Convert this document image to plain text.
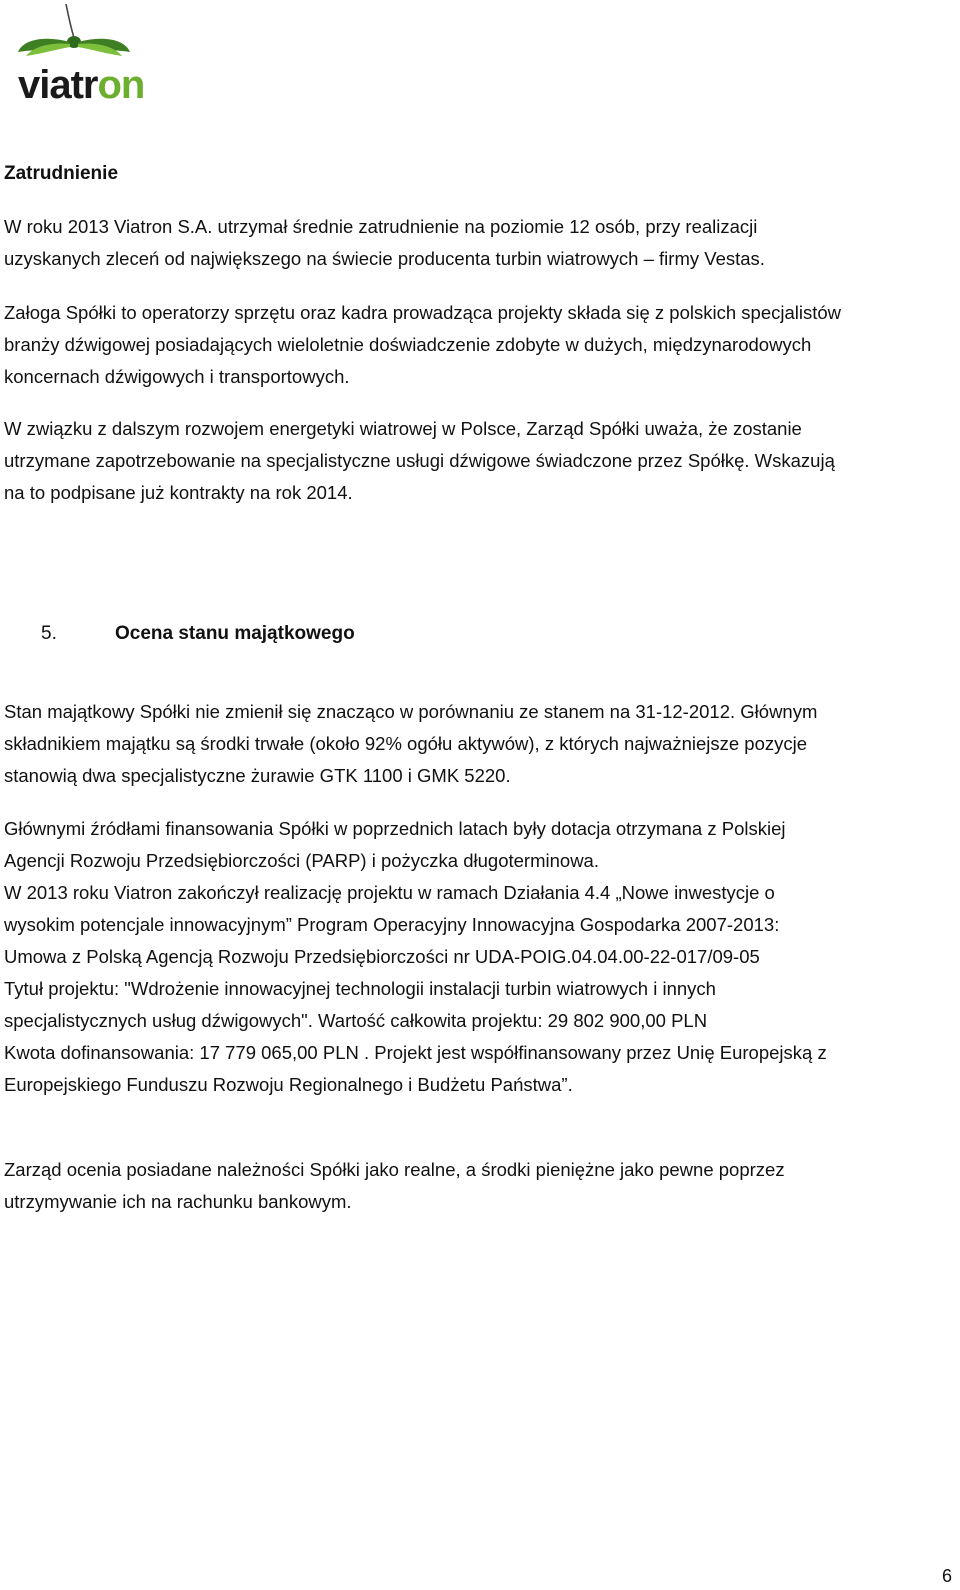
viatron
Zatrudnienie

W roku 2013 Viatron S.A. utrzymał średnie zatrudnienie na poziomie 12 osób, przy realizacji
uzyskanych zleceń od największego na świecie producenta turbin wiatrowych – firmy Vestas.

Załoga Spółki to operatorzy sprzętu oraz kadra prowadząca projekty składa się z polskich specjalistów
branży dźwigowej posiadających wieloletnie doświadczenie zdobyte w dużych, międzynarodowych
koncernach dźwigowych i transportowych.

W związku z dalszym rozwojem energetyki wiatrowej w Polsce, Zarząd Spółki uważa, że zostanie
utrzymane zapotrzebowanie na specjalistyczne usługi dźwigowe świadczone przez Spółkę. Wskazują
na to podpisane już kontrakty na rok 2014.

5.	Ocena stanu majątkowego

Stan majątkowy Spółki nie zmienił się znacząco w porównaniu ze stanem na 31-12-2012. Głównym
składnikiem majątku są środki trwałe (około 92% ogółu aktywów), z których najważniejsze pozycje
stanowią dwa specjalistyczne żurawie GTK 1100 i GMK 5220.

Głównymi źródłami finansowania Spółki w poprzednich latach były dotacja otrzymana z Polskiej
Agencji Rozwoju Przedsiębiorczości (PARP) i pożyczka długoterminowa.
W 2013 roku Viatron zakończył realizację projektu w ramach Działania 4.4 „Nowe inwestycje o
wysokim potencjale innowacyjnym” Program Operacyjny Innowacyjna Gospodarka 2007-2013:
Umowa z Polską Agencją Rozwoju Przedsiębiorczości nr UDA-POIG.04.04.00-22-017/09-05
Tytuł projektu: "Wdrożenie innowacyjnej technologii instalacji turbin wiatrowych i innych
specjalistycznych usług dźwigowych". Wartość całkowita projektu: 29 802 900,00 PLN
Kwota dofinansowania: 17 779 065,00 PLN . Projekt jest współfinansowany przez Unię Europejską z
Europejskiego Funduszu Rozwoju Regionalnego i Budżetu Państwa”.

Zarząd ocenia posiadane należności Spółki jako realne, a środki pieniężne jako pewne poprzez
utrzymywanie ich na rachunku bankowym.

6
